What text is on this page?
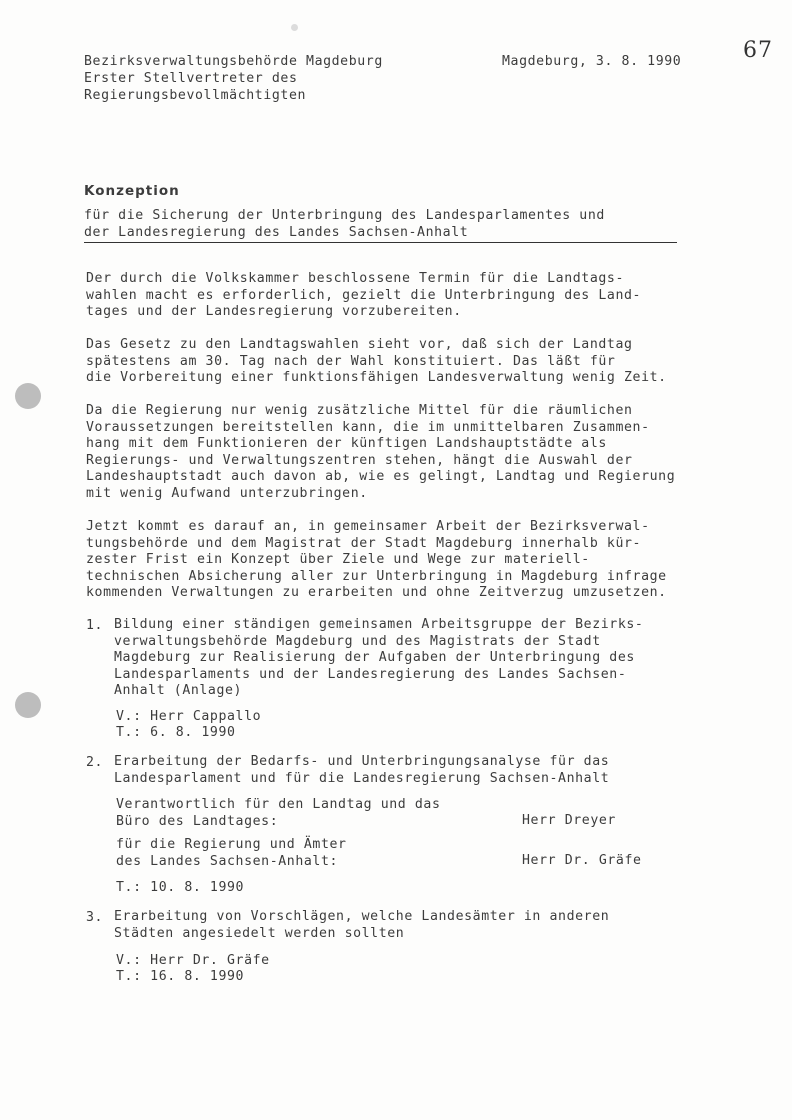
Bezirksverwaltungsbehörde Magdeburg
Erster Stellvertreter des
Regierungsbevollmächtigten
Magdeburg, 3. 8. 1990	67
Konzeption
für die Sicherung der Unterbringung des Landesparlamentes und
der Landesregierung des Landes Sachsen-Anhalt
Der durch die Volkskammer beschlossene Termin für die Landtags-
wahlen macht es erforderlich, gezielt die Unterbringung des Land-
tages und der Landesregierung vorzubereiten.
Das Gesetz zu den Landtagswahlen sieht vor, daß sich der Landtag
spätestens am 30. Tag nach der Wahl konstituiert. Das läßt für
die Vorbereitung einer funktionsfähigen Landesverwaltung wenig Zeit.
Da die Regierung nur wenig zusätzliche Mittel für die räumlichen
Voraussetzungen bereitstellen kann, die im unmittelbaren Zusammen-
hang mit dem Funktionieren der künftigen Landshauptstädte als
Regierungs- und Verwaltungszentren stehen, hängt die Auswahl der
Landeshauptstadt auch davon ab, wie es gelingt, Landtag und Regierung
mit wenig Aufwand unterzubringen.
Jetzt kommt es darauf an, in gemeinsamer Arbeit der Bezirksverwal-
tungsbehörde und dem Magistrat der Stadt Magdeburg innerhalb kür-
zester Frist ein Konzept über Ziele und Wege zur materiell-
technischen Absicherung aller zur Unterbringung in Magdeburg infrage
kommenden Verwaltungen zu erarbeiten und ohne Zeitverzug umzusetzen.
1. Bildung einer ständigen gemeinsamen Arbeitsgruppe der Bezirks-
verwaltungsbehörde Magdeburg und des Magistrats der Stadt
Magdeburg zur Realisierung der Aufgaben der Unterbringung des
Landesparlaments und der Landesregierung des Landes Sachsen-
Anhalt (Anlage)
V.: Herr Cappallo
T.: 6. 8. 1990
2. Erarbeitung der Bedarfs- und Unterbringungsanalyse für das
Landesparlament und für die Landesregierung Sachsen-Anhalt
Verantwortlich für den Landtag und das
Büro des Landtages:	Herr Dreyer
für die Regierung und Ämter
des Landes Sachsen-Anhalt:	Herr Dr. Gräfe
T.: 10. 8. 1990
3. Erarbeitung von Vorschlägen, welche Landesämter in anderen
Städten angesiedelt werden sollten
V.: Herr Dr. Gräfe
T.: 16. 8. 1990
